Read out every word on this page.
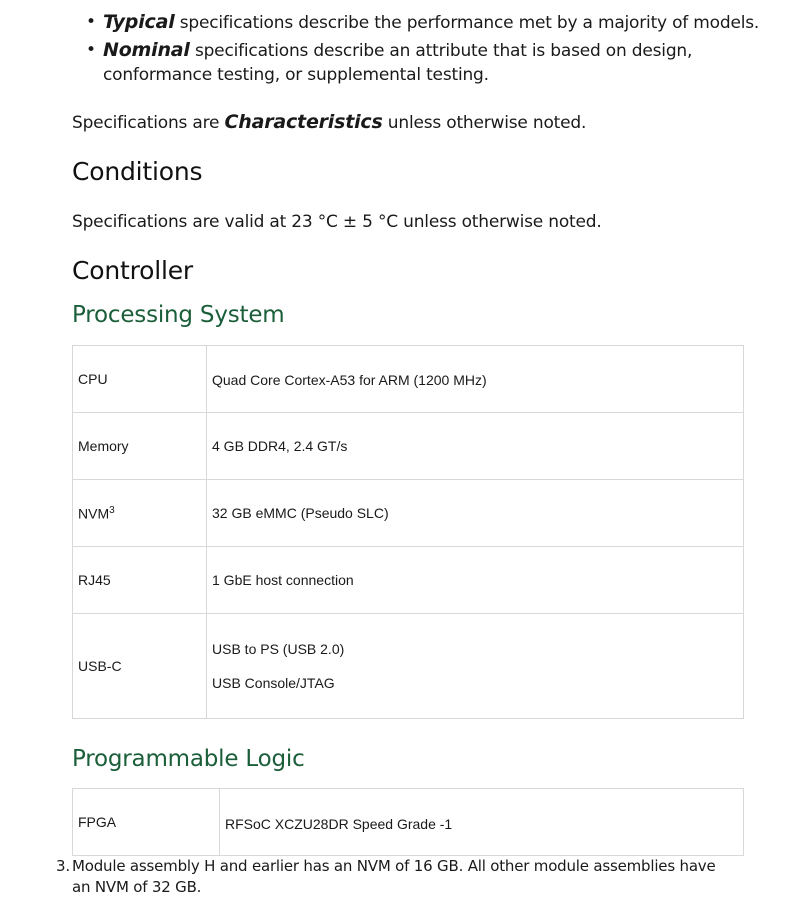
• Typical specifications describe the performance met by a majority of models.
• Nominal specifications describe an attribute that is based on design, conformance testing, or supplemental testing.

Specifications are Characteristics unless otherwise noted.

Conditions

Specifications are valid at 23 °C ± 5 °C unless otherwise noted.

Controller
Processing System
CPU	Quad Core Cortex-A53 for ARM (1200 MHz)

Memory	4 GB DDR4, 2.4 GT/s

NVM$^3$	32 GB eMMC (Pseudo SLC)

RJ45	1 GbE host connection

USB-C	USB to PS (USB 2.0)
USB Console/JTAG
Programmable Logic
FPGA	RFSoC XCZU28DR Speed Grade -1
3. Module assembly H and earlier has an NVM of 16 GB. All other module assemblies have an NVM of 32 GB.
